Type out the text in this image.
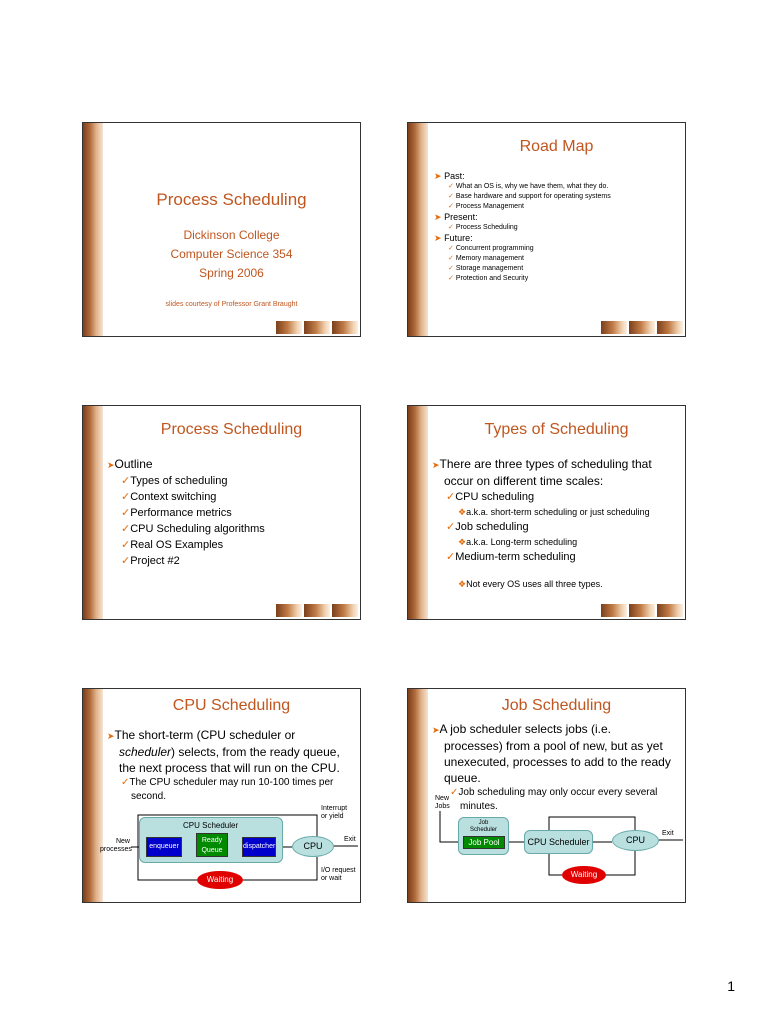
Process Scheduling
Dickinson College
Computer Science 354
Spring 2006
slides courtesy of Professor Grant Braught
Road Map
➤ Past:
✓ What an OS is, why we have them, what they do.
✓ Base hardware and support for operating systems
✓ Process Management
➤ Present:
✓ Process Scheduling
➤ Future:
✓ Concurrent programming
✓ Memory management
✓ Storage management
✓ Protection and Security
Process Scheduling
➤Outline
✓Types of scheduling
✓Context switching
✓Performance metrics
✓CPU Scheduling algorithms
✓Real OS Examples
✓Project #2
Types of Scheduling
➤There are three types of scheduling that
occur on different time scales:
✓CPU scheduling
❖a.k.a. short-term scheduling or just scheduling
✓Job scheduling
❖a.k.a. Long-term scheduling
✓Medium-term scheduling
❖Not every OS uses all three types.
CPU Scheduling
➤The short-term (CPU scheduler or
scheduler) selects, from the ready queue,
the next process that will run on the CPU.
✓The CPU scheduler may run 10-100 times per
second.
CPU Scheduler
enqueuer
Ready
Queue
dispatcher	CPU
Waiting
New
processes
Exit
Interrupt
or yield
I/O request
or wait
Job Scheduling
➤A job scheduler selects jobs (i.e.
processes) from a pool of new, but as yet
unexecuted, processes to add to the ready
queue.
✓Job scheduling may only occur every several
minutes.
New
Jobs
Job
Scheduler
Job Pool	CPU Scheduler	CPU
Exit
Waiting
1
